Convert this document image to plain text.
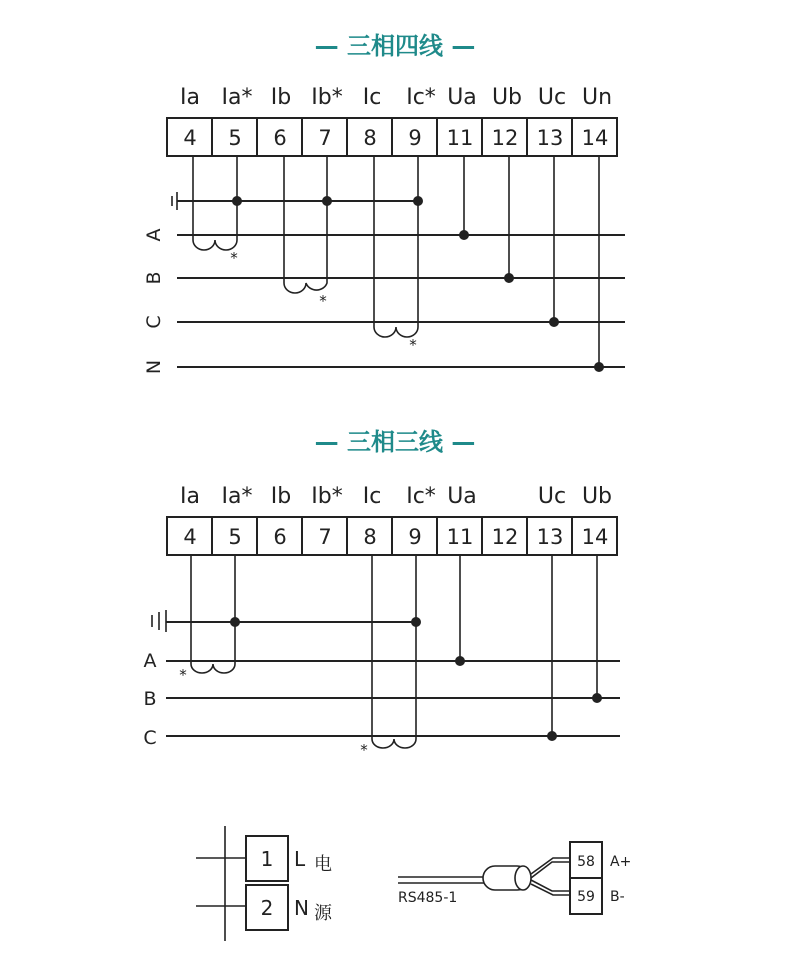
— 三相四线 —
Ia Ia* Ib Ib* Ic Ic* Ua Ub Uc Un
4 5 6 7 8 9 11 12 13 14
A
B
C
N
*
*
*
— 三相三线 —
Ia Ia* Ib Ib* Ic Ic* Ua	Uc Ub
4 5 6 7 8 9 11 12 13 14
A
B
C
*
*
1
2
L
N
电
源
58
59
A+
B-
RS485-1
